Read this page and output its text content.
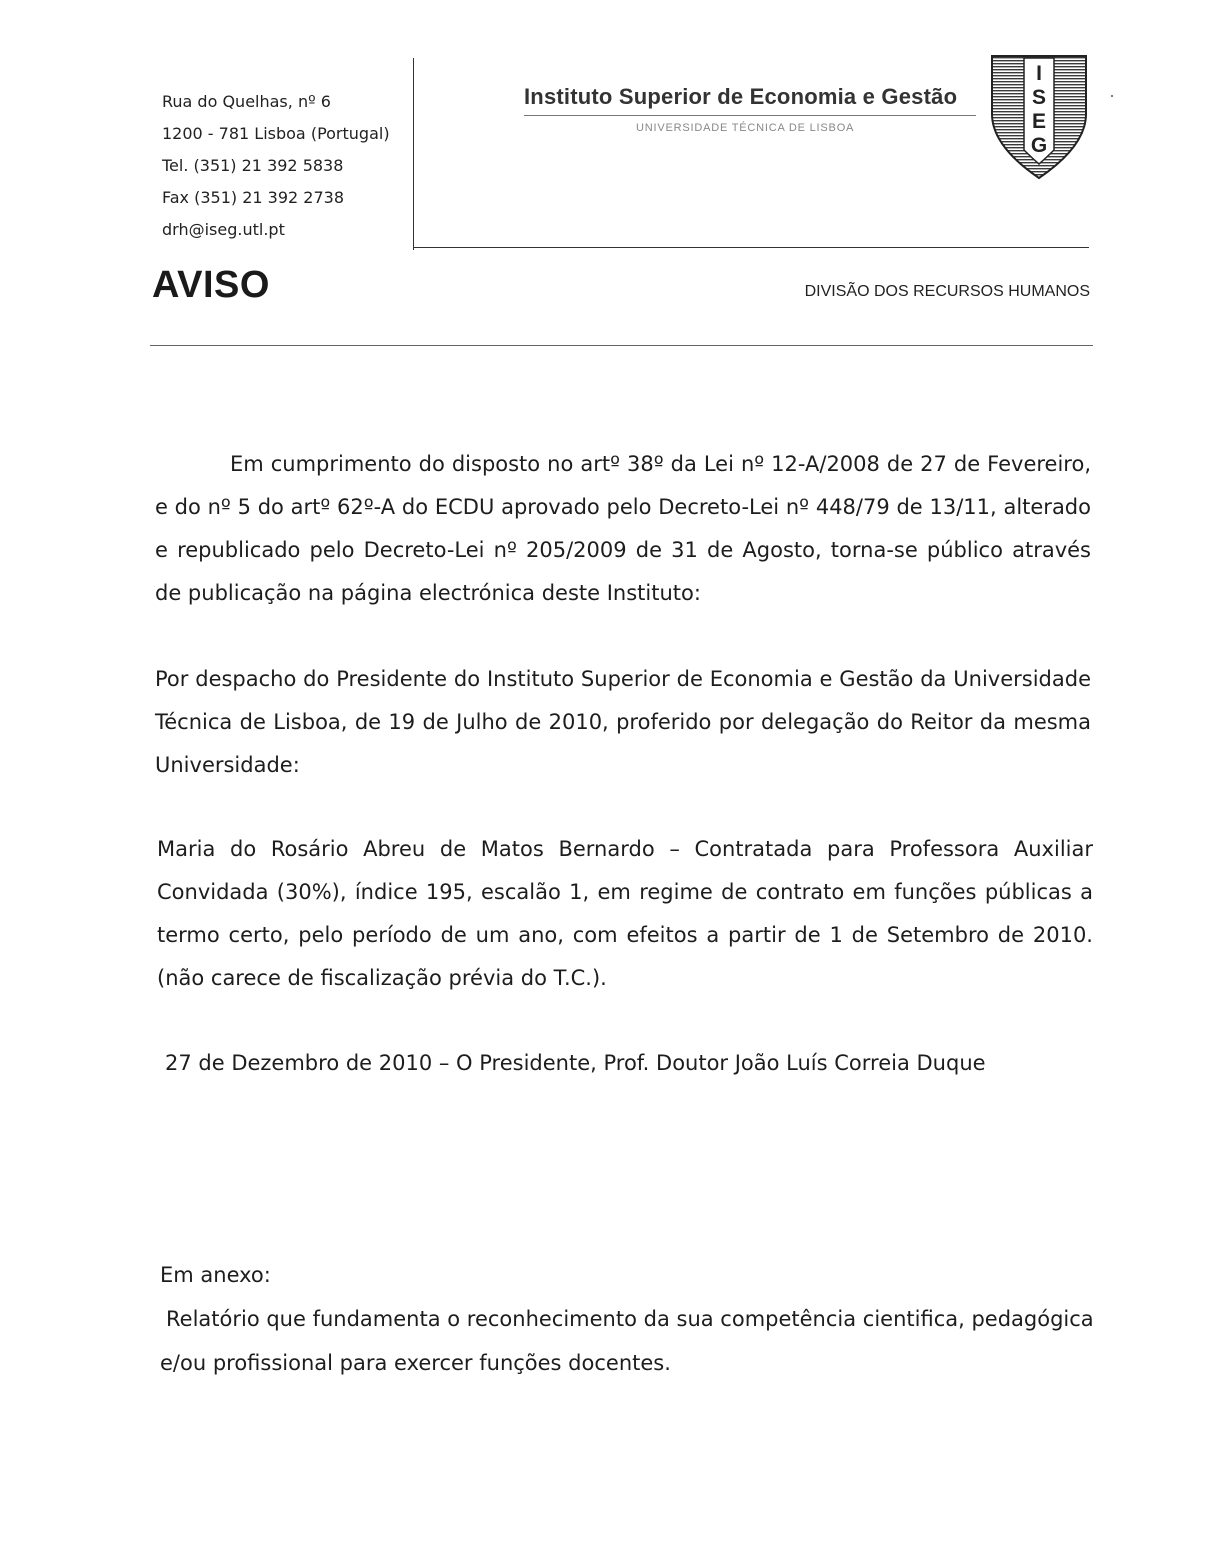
Rua do Quelhas, nº 6
1200 - 781 Lisboa (Portugal)
Tel. (351) 21 392 5838
Fax (351) 21 392 2738
drh@iseg.utl.pt
Instituto Superior de Economia e Gestão
UNIVERSIDADE TÉCNICA DE LISBOA
I
S
E
G
AVISO	DIVISÃO DOS RECURSOS HUMANOS
Em cumprimento do disposto no artº 38º da Lei nº 12-A/2008 de 27 de Fevereiro, e do nº 5 do artº 62º-A do ECDU aprovado pelo Decreto-Lei nº 448/79 de 13/11, alterado e republicado pelo Decreto-Lei nº 205/2009 de 31 de Agosto, torna-se público através de publicação na página electrónica deste Instituto:
Por despacho do Presidente do Instituto Superior de Economia e Gestão da Universidade Técnica de Lisboa, de 19 de Julho de 2010, proferido por delegação do Reitor da mesma Universidade:
Maria do Rosário Abreu de Matos Bernardo – Contratada para Professora Auxiliar Convidada (30%), índice 195, escalão 1, em regime de contrato em funções públicas a termo certo, pelo período de um ano, com efeitos a partir de 1 de Setembro de 2010.(não carece de fiscalização prévia do T.C.).
27 de Dezembro de 2010 – O Presidente, Prof. Doutor João Luís Correia Duque
Em anexo:
Relatório que fundamenta o reconhecimento da sua competência cientifica, pedagógica e/ou profissional para exercer funções docentes.
